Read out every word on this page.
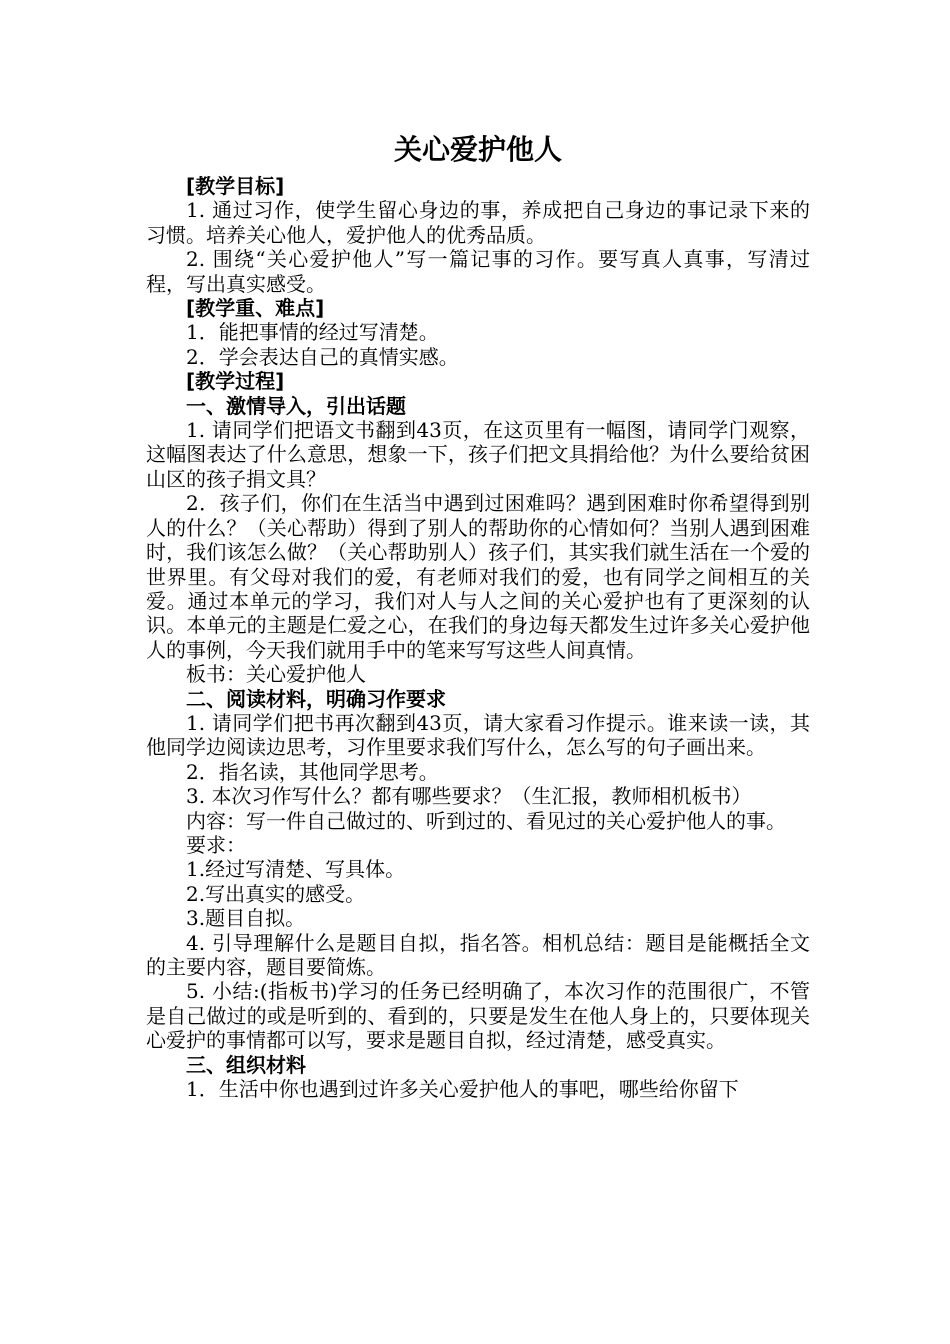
关心爱护他人
[教学目标]
1. 通过习作，使学生留心身边的事，养成把自己身边的事记录下来的习惯。培养关心他人，爱护他人的优秀品质。
2. 围绕“关心爱护他人”写一篇记事的习作。要写真人真事，写清过程，写出真实感受。
[教学重、难点]
1．能把事情的经过写清楚。
2．学会表达自己的真情实感。
[教学过程]
一、激情导入，引出话题
1. 请同学们把语文书翻到43页，在这页里有一幅图，请同学门观察，这幅图表达了什么意思，想象一下，孩子们把文具捐给他？为什么要给贫困山区的孩子捐文具？
2．孩子们，你们在生活当中遇到过困难吗？遇到困难时你希望得到别人的什么？（关心帮助）得到了别人的帮助你的心情如何？当别人遇到困难时，我们该怎么做？（关心帮助别人）孩子们，其实我们就生活在一个爱的世界里。有父母对我们的爱，有老师对我们的爱，也有同学之间相互的关爱。通过本单元的学习，我们对人与人之间的关心爱护也有了更深刻的认识。本单元的主题是仁爱之心，在我们的身边每天都发生过许多关心爱护他人的事例，今天我们就用手中的笔来写写这些人间真情。
板书：关心爱护他人
二、阅读材料，明确习作要求
1. 请同学们把书再次翻到43页，请大家看习作提示。谁来读一读，其他同学边阅读边思考，习作里要求我们写什么，怎么写的句子画出来。
2．指名读，其他同学思考。
3. 本次习作写什么？都有哪些要求？（生汇报，教师相机板书）
内容：写一件自己做过的、听到过的、看见过的关心爱护他人的事。
要求：
1.经过写清楚、写具体。
2.写出真实的感受。
3.题目自拟。
4. 引导理解什么是题目自拟，指名答。相机总结：题目是能概括全文的主要内容，题目要简炼。
5. 小结:(指板书)学习的任务已经明确了，本次习作的范围很广，不管是自己做过的或是听到的、看到的，只要是发生在他人身上的，只要体现关心爱护的事情都可以写，要求是题目自拟，经过清楚，感受真实。
三、组织材料
1．生活中你也遇到过许多关心爱护他人的事吧，哪些给你留下
